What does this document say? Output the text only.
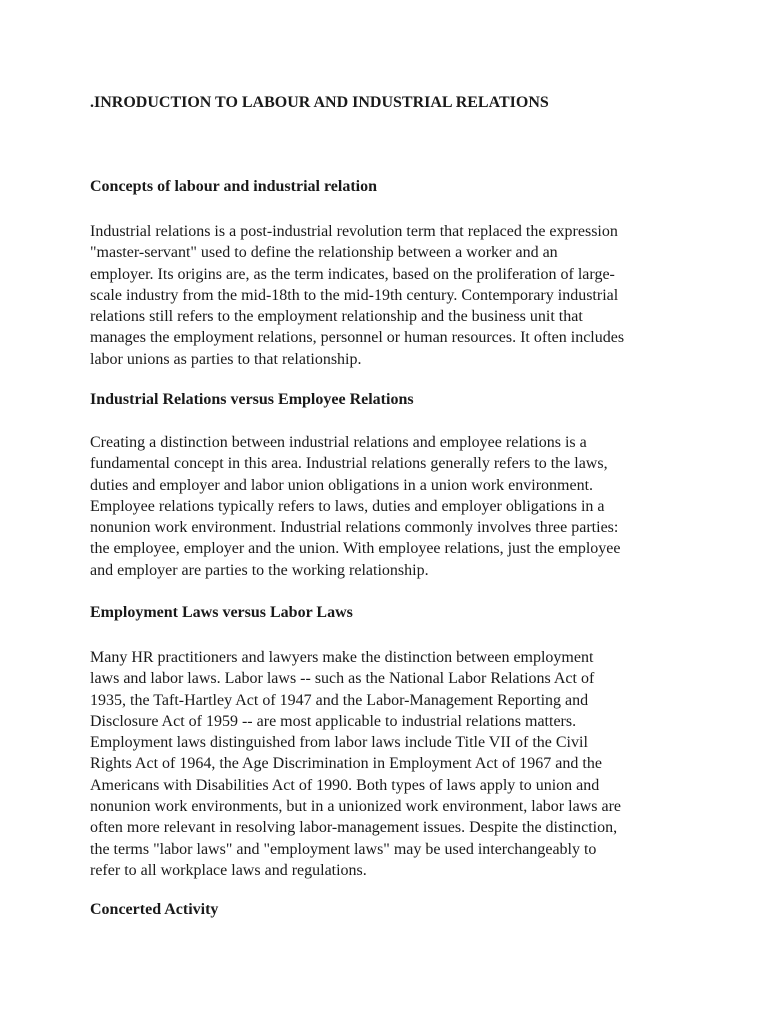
.INRODUCTION TO LABOUR AND INDUSTRIAL RELATIONS
Concepts of labour and industrial relation

Industrial relations is a post-industrial revolution term that replaced the expression
"master-servant" used to define the relationship between a worker and an
employer. Its origins are, as the term indicates, based on the proliferation of large-
scale industry from the mid-18th to the mid-19th century. Contemporary industrial
relations still refers to the employment relationship and the business unit that
manages the employment relations, personnel or human resources. It often includes
labor unions as parties to that relationship.

Industrial Relations versus Employee Relations

Creating a distinction between industrial relations and employee relations is a
fundamental concept in this area. Industrial relations generally refers to the laws,
duties and employer and labor union obligations in a union work environment.
Employee relations typically refers to laws, duties and employer obligations in a
nonunion work environment. Industrial relations commonly involves three parties:
the employee, employer and the union. With employee relations, just the employee
and employer are parties to the working relationship.

Employment Laws versus Labor Laws

Many HR practitioners and lawyers make the distinction between employment
laws and labor laws. Labor laws -- such as the National Labor Relations Act of
1935, the Taft-Hartley Act of 1947 and the Labor-Management Reporting and
Disclosure Act of 1959 -- are most applicable to industrial relations matters.
Employment laws distinguished from labor laws include Title VII of the Civil
Rights Act of 1964, the Age Discrimination in Employment Act of 1967 and the
Americans with Disabilities Act of 1990. Both types of laws apply to union and
nonunion work environments, but in a unionized work environment, labor laws are
often more relevant in resolving labor-management issues. Despite the distinction,
the terms "labor laws" and "employment laws" may be used interchangeably to
refer to all workplace laws and regulations.

Concerted Activity
